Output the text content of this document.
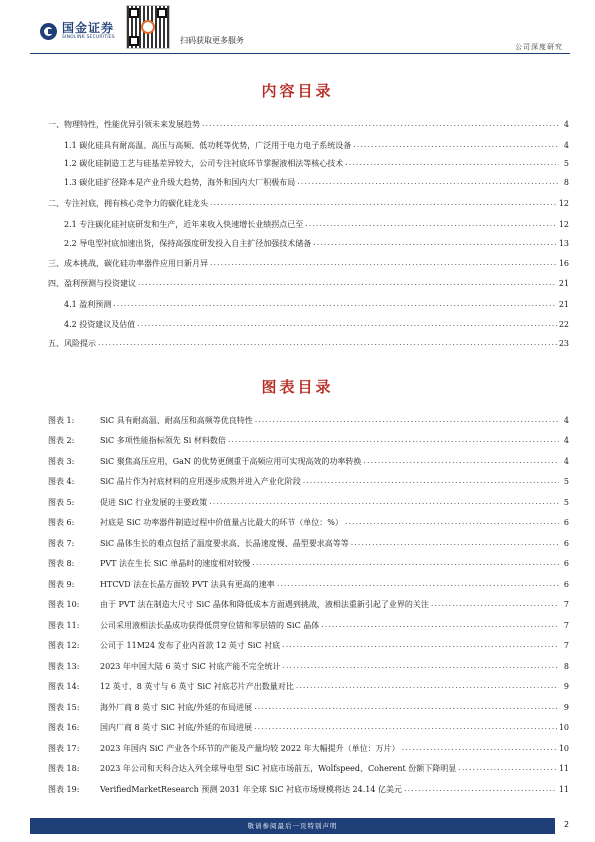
国金证券
SINOLINK SECURITIES	扫码获取更多服务
公司深度研究
内容目录
一、物理特性，性能优异引领未来发展趋势 .....	4
1.1 碳化硅具有耐高温、高压与高频、低功耗等优势，广泛用于电力电子系统设备 .....	4
1.2 碳化硅制造工艺与硅基差异较大，公司专注衬底环节掌握液相法等核心技术 .....	5
1.3 碳化硅扩径降本是产业升级大趋势，海外和国内大厂积极布局 .....	8
二、专注衬底，拥有核心竞争力的碳化硅龙头 .....	12
2.1 专注碳化硅衬底研发和生产，近年来收入快速增长业绩拐点已至 .....	12
2.2 导电型衬底加速出货，保持高强度研发投入自主扩径加强技术储备 .....	13
三、成本挑战，碳化硅功率器件应用日新月异 .....	16
四、盈利预测与投资建议 .....	21
4.1 盈利预测 .....	21
4.2 投资建议及估值 .....	22
五、风险提示 .....	23
图表目录
图表 1:	SiC 具有耐高温、耐高压和高频等优良特性 .....	4
图表 2:	SiC 多项性能指标领先 Si 材料数倍 .....	4
图表 3:	SiC 聚焦高压应用，GaN 的优势更侧重于高频应用可实现高效的功率转换 .....	4
图表 4:	SiC 晶片作为衬底材料的应用逐步成熟并进入产业化阶段 .....	5
图表 5:	促进 SiC 行业发展的主要政策 .....	5
图表 6:	衬底是 SiC 功率器件制造过程中价值量占比最大的环节（单位：%） .....	6
图表 7:	SiC 晶体生长的难点包括了温度要求高、长晶速度慢、晶型要求高等等 .....	6
图表 8:	PVT 法在生长 SiC 单晶时的速度相对较慢 .....	6
图表 9:	HTCVD 法在长晶方面较 PVT 法具有更高的速率 .....	6
图表 10:	由于 PVT 法在制造大尺寸 SiC 晶体和降低成本方面遇到挑战，液相法重新引起了业界的关注 .....	7
图表 11:	公司采用液相法长晶成功获得低贯穿位错和零层错的 SiC 晶体 .....	7
图表 12:	公司于 11M24 发布了业内首款 12 英寸 SiC 衬底 .....	7
图表 13:	2023 年中国大陆 6 英寸 SiC 衬底产能不完全统计 .....	8
图表 14:	12 英寸、8 英寸与 6 英寸 SiC 衬底芯片产出数量对比 .....	9
图表 15:	海外厂商 8 英寸 SiC 衬底/外延的布局进展 .....	9
图表 16:	国内厂商 8 英寸 SiC 衬底/外延的布局进展 .....	10
图表 17:	2023 年国内 SiC 产业各个环节的产能及产量均较 2022 年大幅提升（单位：万片） .....	10
图表 18:	2023 年公司和天科合达入列全球导电型 SiC 衬底市场前五，Wolfspeed、Coherent 份额下降明显 .....	11
图表 19:	VerifiedMarketResearch 预测 2031 年全球 SiC 衬底市场规模将达 24.14 亿美元 .....	11
敬请参阅最后一页特别声明	2
